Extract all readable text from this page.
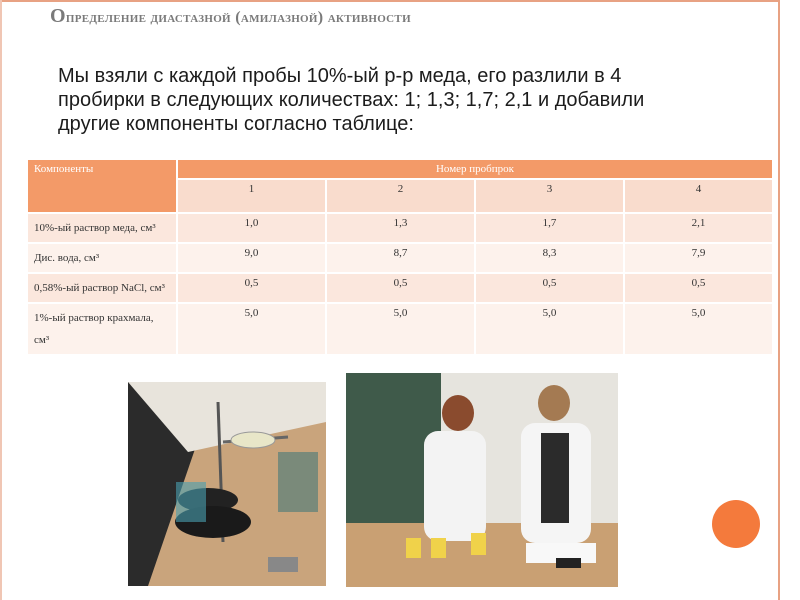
Определение диастазной (амилазной) активности
Мы взяли с каждой пробы 10%-ый р-р меда, его разлили в 4 пробирки в следующих количествах: 1; 1,3; 1,7; 2,1 и добавили другие компоненты согласно таблице:
Компоненты	Номер пробпрок			
	1	2	3	4
10%-ый раствор меда, см³	1,0	1,3	1,7	2,1
Дис. вода, см³	9,0	8,7	8,3	7,9
0,58%-ый раствор NaCl, см³	0,5	0,5	0,5	0,5
1%-ый раствор крахмала, см³	5,0	5,0	5,0	5,0
